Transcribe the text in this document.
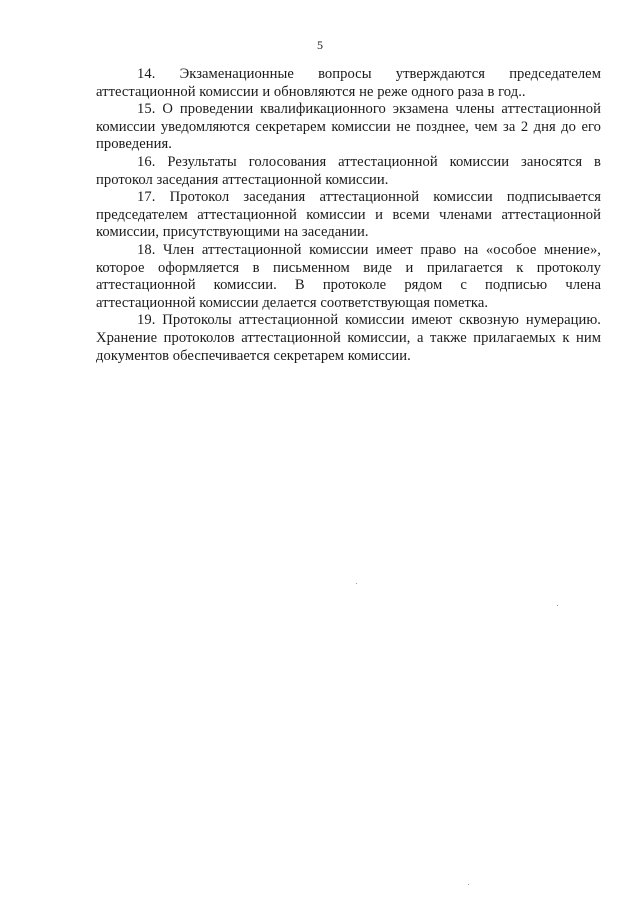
5

14. Экзаменационные вопросы утверждаются председателем аттестационной комиссии и обновляются не реже одного раза в год..

15. О проведении квалификационного экзамена члены аттестационной комиссии уведомляются секретарем комиссии не позднее, чем за 2 дня до его проведения.

16. Результаты голосования аттестационной комиссии заносятся в протокол заседания аттестационной комиссии.

17. Протокол заседания аттестационной комиссии подписывается председателем аттестационной комиссии и всеми членами аттестационной комиссии, присутствующими на заседании.

18. Член аттестационной комиссии имеет право на «особое мнение», которое оформляется в письменном виде и прилагается к протоколу аттестационной комиссии. В протоколе рядом с подписью члена аттестационной комиссии делается соответствующая пометка.

19. Протоколы аттестационной комиссии имеют сквозную нумерацию. Хранение протоколов аттестационной комиссии, а также прилагаемых к ним документов обеспечивается секретарем комиссии.
